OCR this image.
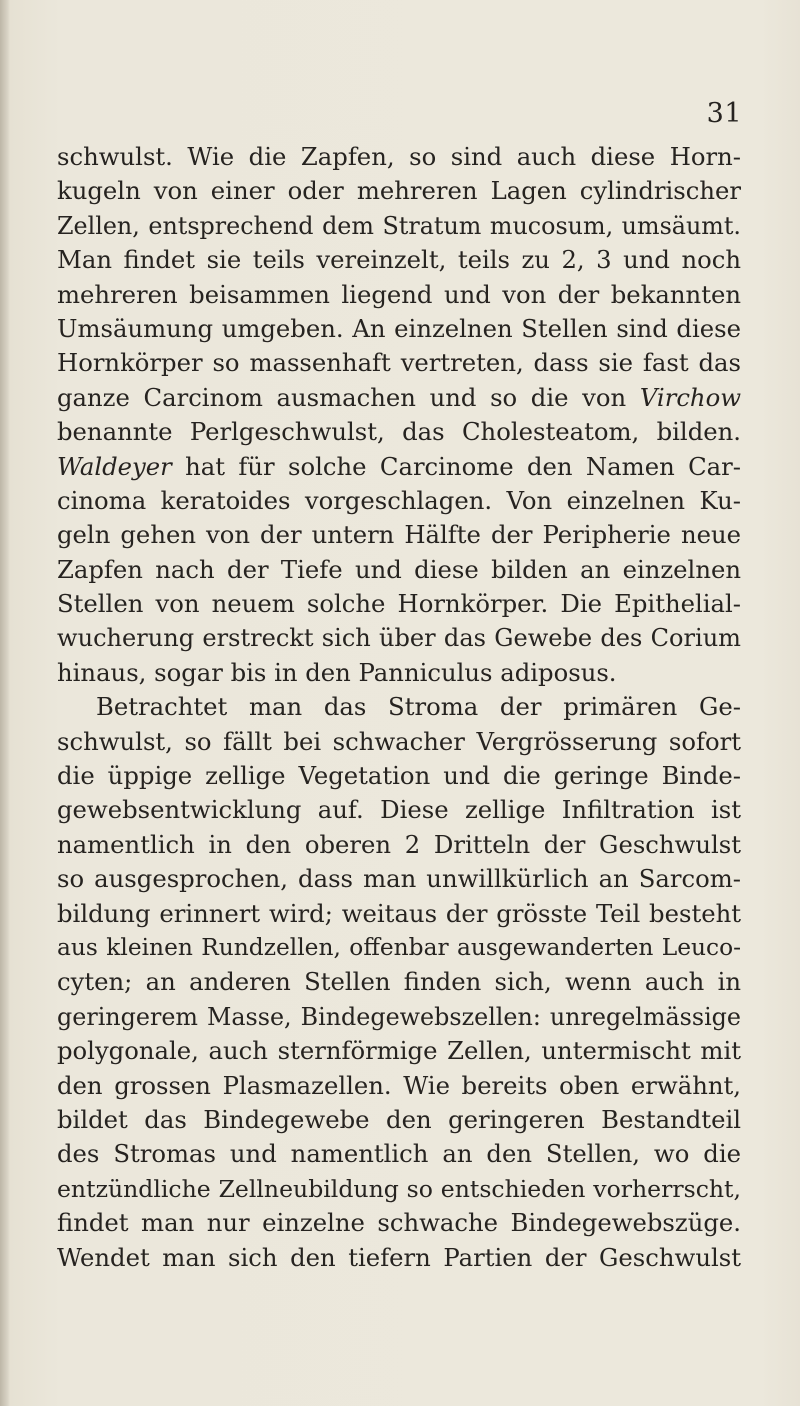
31
schwulst. Wie die Zapfen, so sind auch diese Horn-
kugeln von einer oder mehreren Lagen cylindrischer
Zellen, entsprechend dem Stratum mucosum, umsäumt.
Man findet sie teils vereinzelt, teils zu 2, 3 und noch
mehreren beisammen liegend und von der bekannten
Umsäumung umgeben. An einzelnen Stellen sind diese
Hornkörper so massenhaft vertreten, dass sie fast das
ganze Carcinom ausmachen und so die von Virchow
benannte Perlgeschwulst, das Cholesteatom, bilden.
Waldeyer hat für solche Carcinome den Namen Car-
cinoma keratoides vorgeschlagen. Von einzelnen Ku-
geln gehen von der untern Hälfte der Peripherie neue
Zapfen nach der Tiefe und diese bilden an einzelnen
Stellen von neuem solche Hornkörper. Die Epithelial-
wucherung erstreckt sich über das Gewebe des Corium
hinaus, sogar bis in den Panniculus adiposus.
Betrachtet man das Stroma der primären Ge-
schwulst, so fällt bei schwacher Vergrösserung sofort
die üppige zellige Vegetation und die geringe Binde-
gewebsentwicklung auf. Diese zellige Infiltration ist
namentlich in den oberen 2 Dritteln der Geschwulst
so ausgesprochen, dass man unwillkürlich an Sarcom-
bildung erinnert wird; weitaus der grösste Teil besteht
aus kleinen Rundzellen, offenbar ausgewanderten Leuco-
cyten; an anderen Stellen finden sich, wenn auch in
geringerem Masse, Bindegewebszellen: unregelmässige
polygonale, auch sternförmige Zellen, untermischt mit
den grossen Plasmazellen. Wie bereits oben erwähnt,
bildet das Bindegewebe den geringeren Bestandteil
des Stromas und namentlich an den Stellen, wo die
entzündliche Zellneubildung so entschieden vorherrscht,
findet man nur einzelne schwache Bindegewebszüge.
Wendet man sich den tiefern Partien der Geschwulst
